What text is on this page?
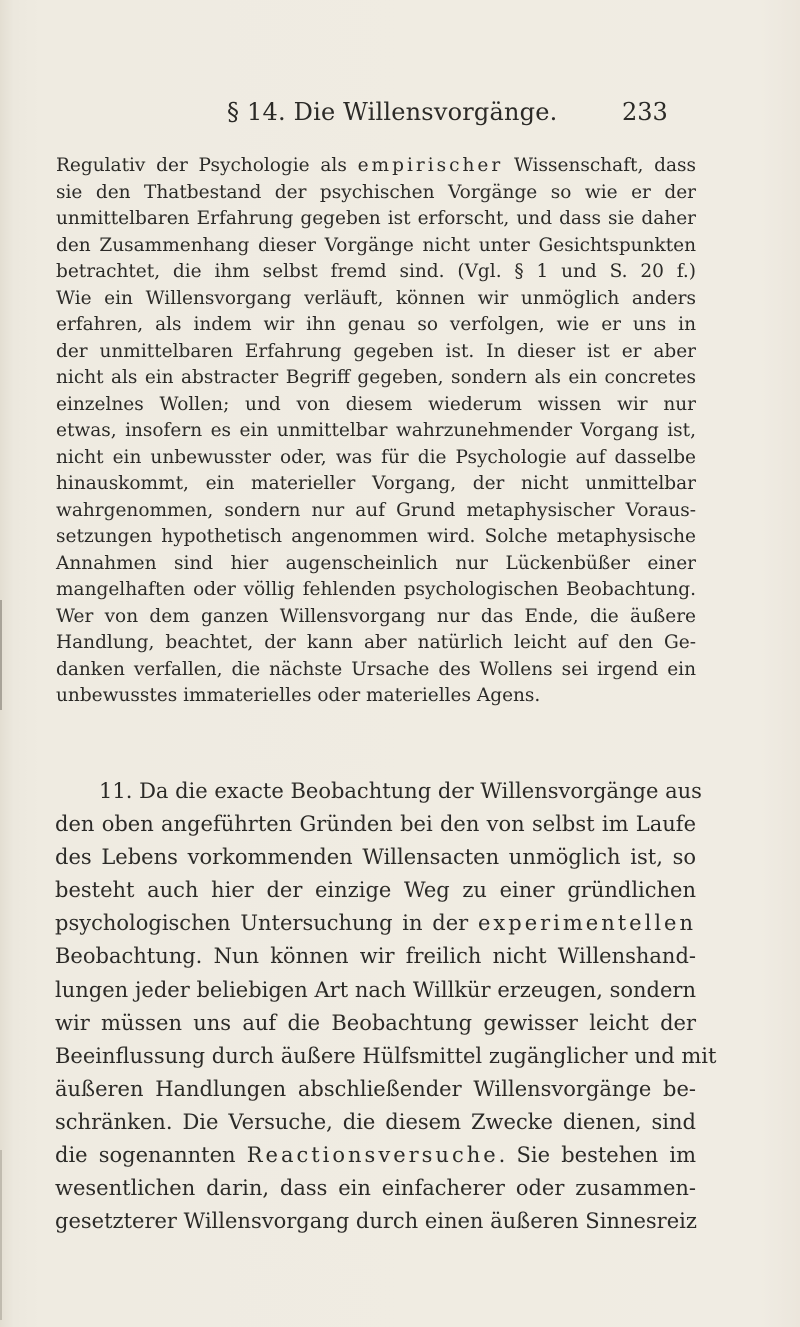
§ 14. Die Willensvorgänge.	233
Regulativ der Psychologie als empirischer Wissenschaft, dass
sie den Thatbestand der psychischen Vorgänge so wie er der
unmittelbaren Erfahrung gegeben ist erforscht, und dass sie daher
den Zusammenhang dieser Vorgänge nicht unter Gesichtspunkten
betrachtet, die ihm selbst fremd sind. (Vgl. § 1 und S. 20 f.)
Wie ein Willensvorgang verläuft, können wir unmöglich anders
erfahren, als indem wir ihn genau so verfolgen, wie er uns in
der unmittelbaren Erfahrung gegeben ist. In dieser ist er aber
nicht als ein abstracter Begriff gegeben, sondern als ein concretes
einzelnes Wollen; und von diesem wiederum wissen wir nur
etwas, insofern es ein unmittelbar wahrzunehmender Vorgang ist,
nicht ein unbewusster oder, was für die Psychologie auf dasselbe
hinauskommt, ein materieller Vorgang, der nicht unmittelbar
wahrgenommen, sondern nur auf Grund metaphysischer Voraus-
setzungen hypothetisch angenommen wird. Solche metaphysische
Annahmen sind hier augenscheinlich nur Lückenbüßer einer
mangelhaften oder völlig fehlenden psychologischen Beobachtung.
Wer von dem ganzen Willensvorgang nur das Ende, die äußere
Handlung, beachtet, der kann aber natürlich leicht auf den Ge-
danken verfallen, die nächste Ursache des Wollens sei irgend ein
unbewusstes immaterielles oder materielles Agens.
11. Da die exacte Beobachtung der Willensvorgänge aus
den oben angeführten Gründen bei den von selbst im Laufe
des Lebens vorkommenden Willensacten unmöglich ist, so
besteht auch hier der einzige Weg zu einer gründlichen
psychologischen Untersuchung in der experimentellen
Beobachtung. Nun können wir freilich nicht Willenshand-
lungen jeder beliebigen Art nach Willkür erzeugen, sondern
wir müssen uns auf die Beobachtung gewisser leicht der
Beeinflussung durch äußere Hülfsmittel zugänglicher und mit
äußeren Handlungen abschließender Willensvorgänge be-
schränken. Die Versuche, die diesem Zwecke dienen, sind
die sogenannten Reactionsversuche. Sie bestehen im
wesentlichen darin, dass ein einfacherer oder zusammen-
gesetzterer Willensvorgang durch einen äußeren Sinnesreiz
